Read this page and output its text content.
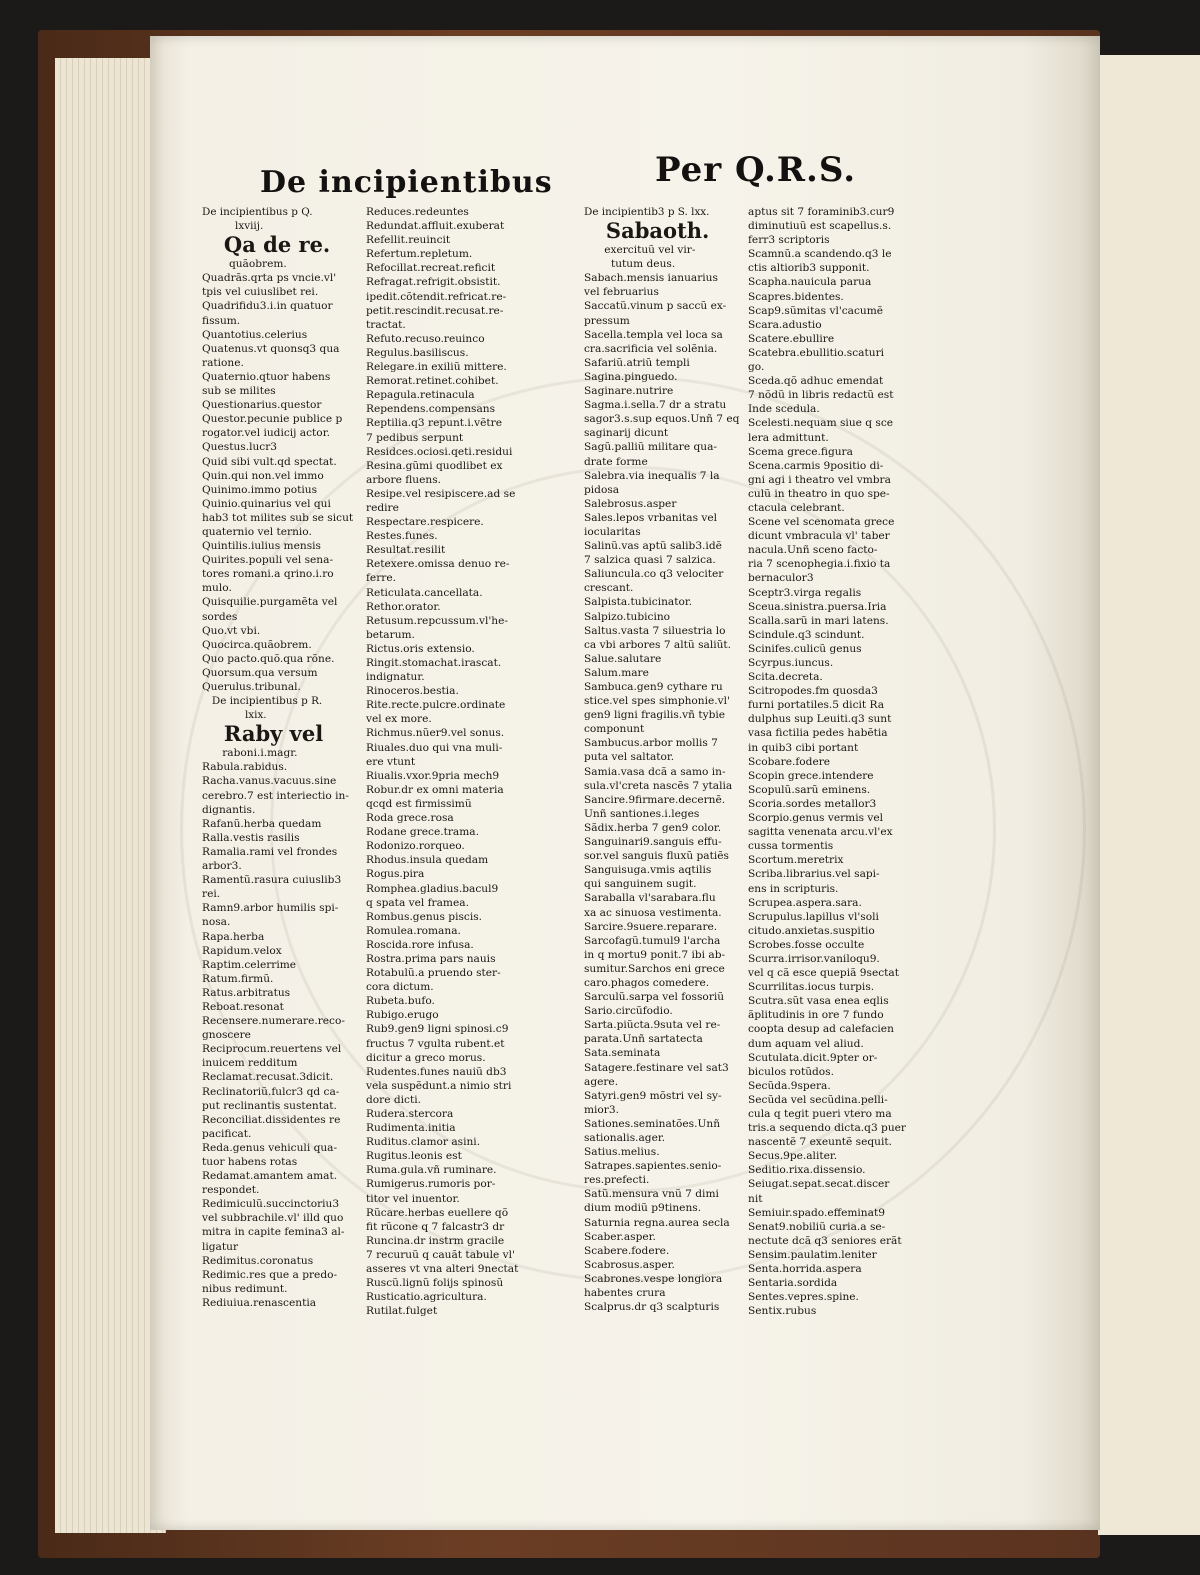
De incipientibus	Per Q.R.S.
De incipientibus p Q.
lxviij.
Qa de re.
quãobrem.
Quadrãs.qrta ps vncie.vl'
tpis vel cuiuslibet rei.
Quadrifidu3.i.in quatuor
fissum.
Quantotius.celerius
Quatenus.vt quonsq3 qua
ratione.
Quaternio.qtuor habens
sub se milites
Questionarius.questor
Questor.pecunie publice p
rogator.vel iudicij actor.
Questus.lucr3
Quid sibi vult.qd spectat.
Quin.qui non.vel immo
Quinimo.immo potius
Quinio.quinarius vel qui
hab3 tot milites sub se sicut
quaternio vel ternio.
Quintilis.iulius mensis
Quirites.populi vel sena-
tores romani.a qrino.i.ro
mulo.
Quisquilie.purgamẽta vel
sordes
Quo.vt vbi.
Quocirca.quãobrem.
Quo pacto.quõ.qua rõne.
Quorsum.qua versum
Querulus.tribunal.
De incipientibus p R.
lxix.
Raby vel
raboni.i.magr.
Rabula.rabidus.
Racha.vanus.vacuus.sine
cerebro.7 est interiectio in-
dignantis.
Rafanũ.herba quedam
Ralla.vestis rasilis
Ramalia.rami vel frondes
arbor3.
Ramentũ.rasura cuiuslib3
rei.
Ramn9.arbor humilis spi-
nosa.
Rapa.herba
Rapidum.velox
Raptim.celerrime
Ratum.firmũ.
Ratus.arbitratus
Reboat.resonat
Recensere.numerare.reco-
gnoscere
Reciprocum.reuertens vel
inuicem redditum
Reclamat.recusat.3dicit.
Reclinatoriũ.fulcr3 qd ca-
put reclinantis sustentat.
Reconciliat.dissidentes re
pacificat.
Reda.genus vehiculi qua-
tuor habens rotas
Redamat.amantem amat.
respondet.
Redimiculũ.succinctoriu3
vel subbrachile.vl' illd quo
mitra in capite femina3 al-
ligatur
Redimitus.coronatus
Redimic.res que a predo-
nibus redimunt.
Rediuiua.renascentia
Reduces.redeuntes
Redundat.affluit.exuberat
Refellit.reuincit
Refertum.repletum.
Refocillat.recreat.reficit
Refragat.refrigit.obsistit.
ipedit.cõtendit.refricat.re-
petit.rescindit.recusat.re-
tractat.
Refuto.recuso.reuinco
Regulus.basiliscus.
Relegare.in exiliũ mittere.
Remorat.retinet.cohibet.
Repagula.retinacula
Rependens.compensans
Reptilia.q3 repunt.i.vẽtre
7 pedibus serpunt
Residces.ociosi.qeti.residui
Resina.gũmi quodlibet ex
arbore fluens.
Resipe.vel resipiscere.ad se
redire
Respectare.respicere.
Restes.funes.
Resultat.resilit
Retexere.omissa denuo re-
ferre.
Reticulata.cancellata.
Rethor.orator.
Retusum.repcussum.vl'he-
betarum.
Rictus.oris extensio.
Ringit.stomachat.irascat.
indignatur.
Rinoceros.bestia.
Rite.recte.pulcre.ordinate
vel ex more.
Richmus.nũer9.vel sonus.
Riuales.duo qui vna muli-
ere vtunt
Riualis.vxor.9pria mech9
Robur.dr ex omni materia
qcqd est firmissimũ
Roda grece.rosa
Rodane grece.trama.
Rodonizo.rorqueo.
Rhodus.insula quedam
Rogus.pira
Romphea.gladius.bacul9
q spata vel framea.
Rombus.genus piscis.
Romulea.romana.
Roscida.rore infusa.
Rostra.prima pars nauis
Rotabulũ.a pruendo ster-
cora dictum.
Rubeta.bufo.
Rubigo.erugo
Rub9.gen9 ligni spinosi.c9
fructus 7 vgulta rubent.et
dicitur a greco morus.
Rudentes.funes nauiũ db3
vela suspẽdunt.a nimio stri
dore dicti.
Rudera.stercora
Rudimenta.initia
Ruditus.clamor asini.
Rugitus.leonis est
Ruma.gula.vñ ruminare.
Rumigerus.rumoris por-
titor vel inuentor.
Rũcare.herbas euellere qõ
fit rũcone q 7 falcastr3 dr
Runcina.dr instrm gracile
7 recuruũ q cauãt tabule vl'
asseres vt vna alteri 9nectat
Ruscũ.lignũ folijs spinosũ
Rusticatio.agricultura.
Rutilat.fulget
De incipientib3 p S. lxx.
Sabaoth.
exercituũ vel vir-
tutum deus.
Sabach.mensis ianuarius
vel februarius
Saccatũ.vinum p saccũ ex-
pressum
Sacella.templa vel loca sa
cra.sacrificia vel solẽnia.
Safariũ.atriũ templi
Sagina.pinguedo.
Saginare.nutrire
Sagma.i.sella.7 dr a stratu
sagor3.s.sup equos.Unñ 7 eq
saginarij dicunt
Sagũ.palliũ militare qua-
drate forme
Salebra.via inequalis 7 la
pidosa
Salebrosus.asper
Sales.lepos vrbanitas vel
iocularitas
Salinũ.vas aptũ salib3.idẽ
7 salzica quasi 7 salzica.
Saliuncula.co q3 velociter
crescant.
Salpista.tubicinator.
Salpizo.tubicino
Saltus.vasta 7 siluestria lo
ca vbi arbores 7 altũ saliũt.
Salue.salutare
Salum.mare
Sambuca.gen9 cythare ru
stice.vel spes simphonie.vl'
gen9 ligni fragilis.vñ tybie
componunt
Sambucus.arbor mollis 7
puta vel saltator.
Samia.vasa dcã a samo in-
sula.vl'creta nascẽs 7 ytalia
Sancire.9firmare.decernẽ.
Unñ santiones.i.leges
Sãdix.herba 7 gen9 color.
Sanguinari9.sanguis effu-
sor.vel sanguis fluxũ patiẽs
Sanguisuga.vmis aqtilis
qui sanguinem sugit.
Saraballa vl'sarabara.flu
xa ac sinuosa vestimenta.
Sarcire.9suere.reparare.
Sarcofagũ.tumul9 l'archa
in q mortu9 ponit.7 ibi ab-
sumitur.Sarchos eni grece
caro.phagos comedere.
Sarculũ.sarpa vel fossoriũ
Sario.circũfodio.
Sarta.piũcta.9suta vel re-
parata.Unñ sartatecta
Sata.seminata
Satagere.festinare vel sat3
agere.
Satyri.gen9 mõstri vel sy-
mior3.
Sationes.seminatões.Unñ
sationalis.ager.
Satius.melius.
Satrapes.sapientes.senio-
res.prefecti.
Satũ.mensura vnũ 7 dimi
dium modiũ p9tinens.
Saturnia regna.aurea secla
Scaber.asper.
Scabere.fodere.
Scabrosus.asper.
Scabrones.vespe longiora
habentes crura
Scalprus.dr q3 scalpturis
aptus sit 7 foraminib3.cur9
diminutiuũ est scapellus.s.
ferr3 scriptoris
Scamnũ.a scandendo.q3 le
ctis altiorib3 supponit.
Scapha.nauicula parua
Scapres.bidentes.
Scap9.sũmitas vl'cacumẽ
Scara.adustio
Scatere.ebullire
Scatebra.ebullitio.scaturi
go.
Sceda.qõ adhuc emendat
7 nõdũ in libris redactũ est
Inde scedula.
Scelesti.nequam siue q sce
lera admittunt.
Scema grece.figura
Scena.carmis 9positio di-
gni agi i theatro vel vmbra
culũ in theatro in quo spe-
ctacula celebrant.
Scene vel scenomata grece
dicunt vmbracula vl' taber
nacula.Unñ sceno facto-
ria 7 scenophegia.i.fixio ta
bernaculor3
Sceptr3.virga regalis
Sceua.sinistra.puersa.Iria
Scalla.sarũ in mari latens.
Scindule.q3 scindunt.
Scinifes.culicũ genus
Scyrpus.iuncus.
Scita.decreta.
Scitropodes.fm quosda3
furni portatiles.5 dicit Ra
dulphus sup Leuiti.q3 sunt
vasa fictilia pedes habẽtia
in quib3 cibi portant
Scobare.fodere
Scopin grece.intendere
Scopulũ.sarũ eminens.
Scoria.sordes metallor3
Scorpio.genus vermis vel
sagitta venenata arcu.vl'ex
cussa tormentis
Scortum.meretrix
Scriba.librarius.vel sapi-
ens in scripturis.
Scrupea.aspera.sara.
Scrupulus.lapillus vl'soli
citudo.anxietas.suspitio
Scrobes.fosse occulte
Scurra.irrisor.vaniloqu9.
vel q cã esce quepiã 9sectat
Scurrilitas.iocus turpis.
Scutra.sũt vasa enea eqlis
ãplitudinis in ore 7 fundo
coopta desup ad calefacien
dum aquam vel aliud.
Scutulata.dicit.9pter or-
biculos rotũdos.
Secũda.9spera.
Secũda vel secũdina.pelli-
cula q tegit pueri vtero ma
tris.a sequendo dicta.q3 puer
nascentẽ 7 exeuntẽ sequit.
Secus.9pe.aliter.
Seditio.rixa.dissensio.
Seiugat.sepat.secat.discer
nit
Semiuir.spado.effeminat9
Senat9.nobiliũ curia.a se-
nectute dcã q3 seniores erãt
Sensim.paulatim.leniter
Senta.horrida.aspera
Sentaria.sordida
Sentes.vepres.spine.
Sentix.rubus
